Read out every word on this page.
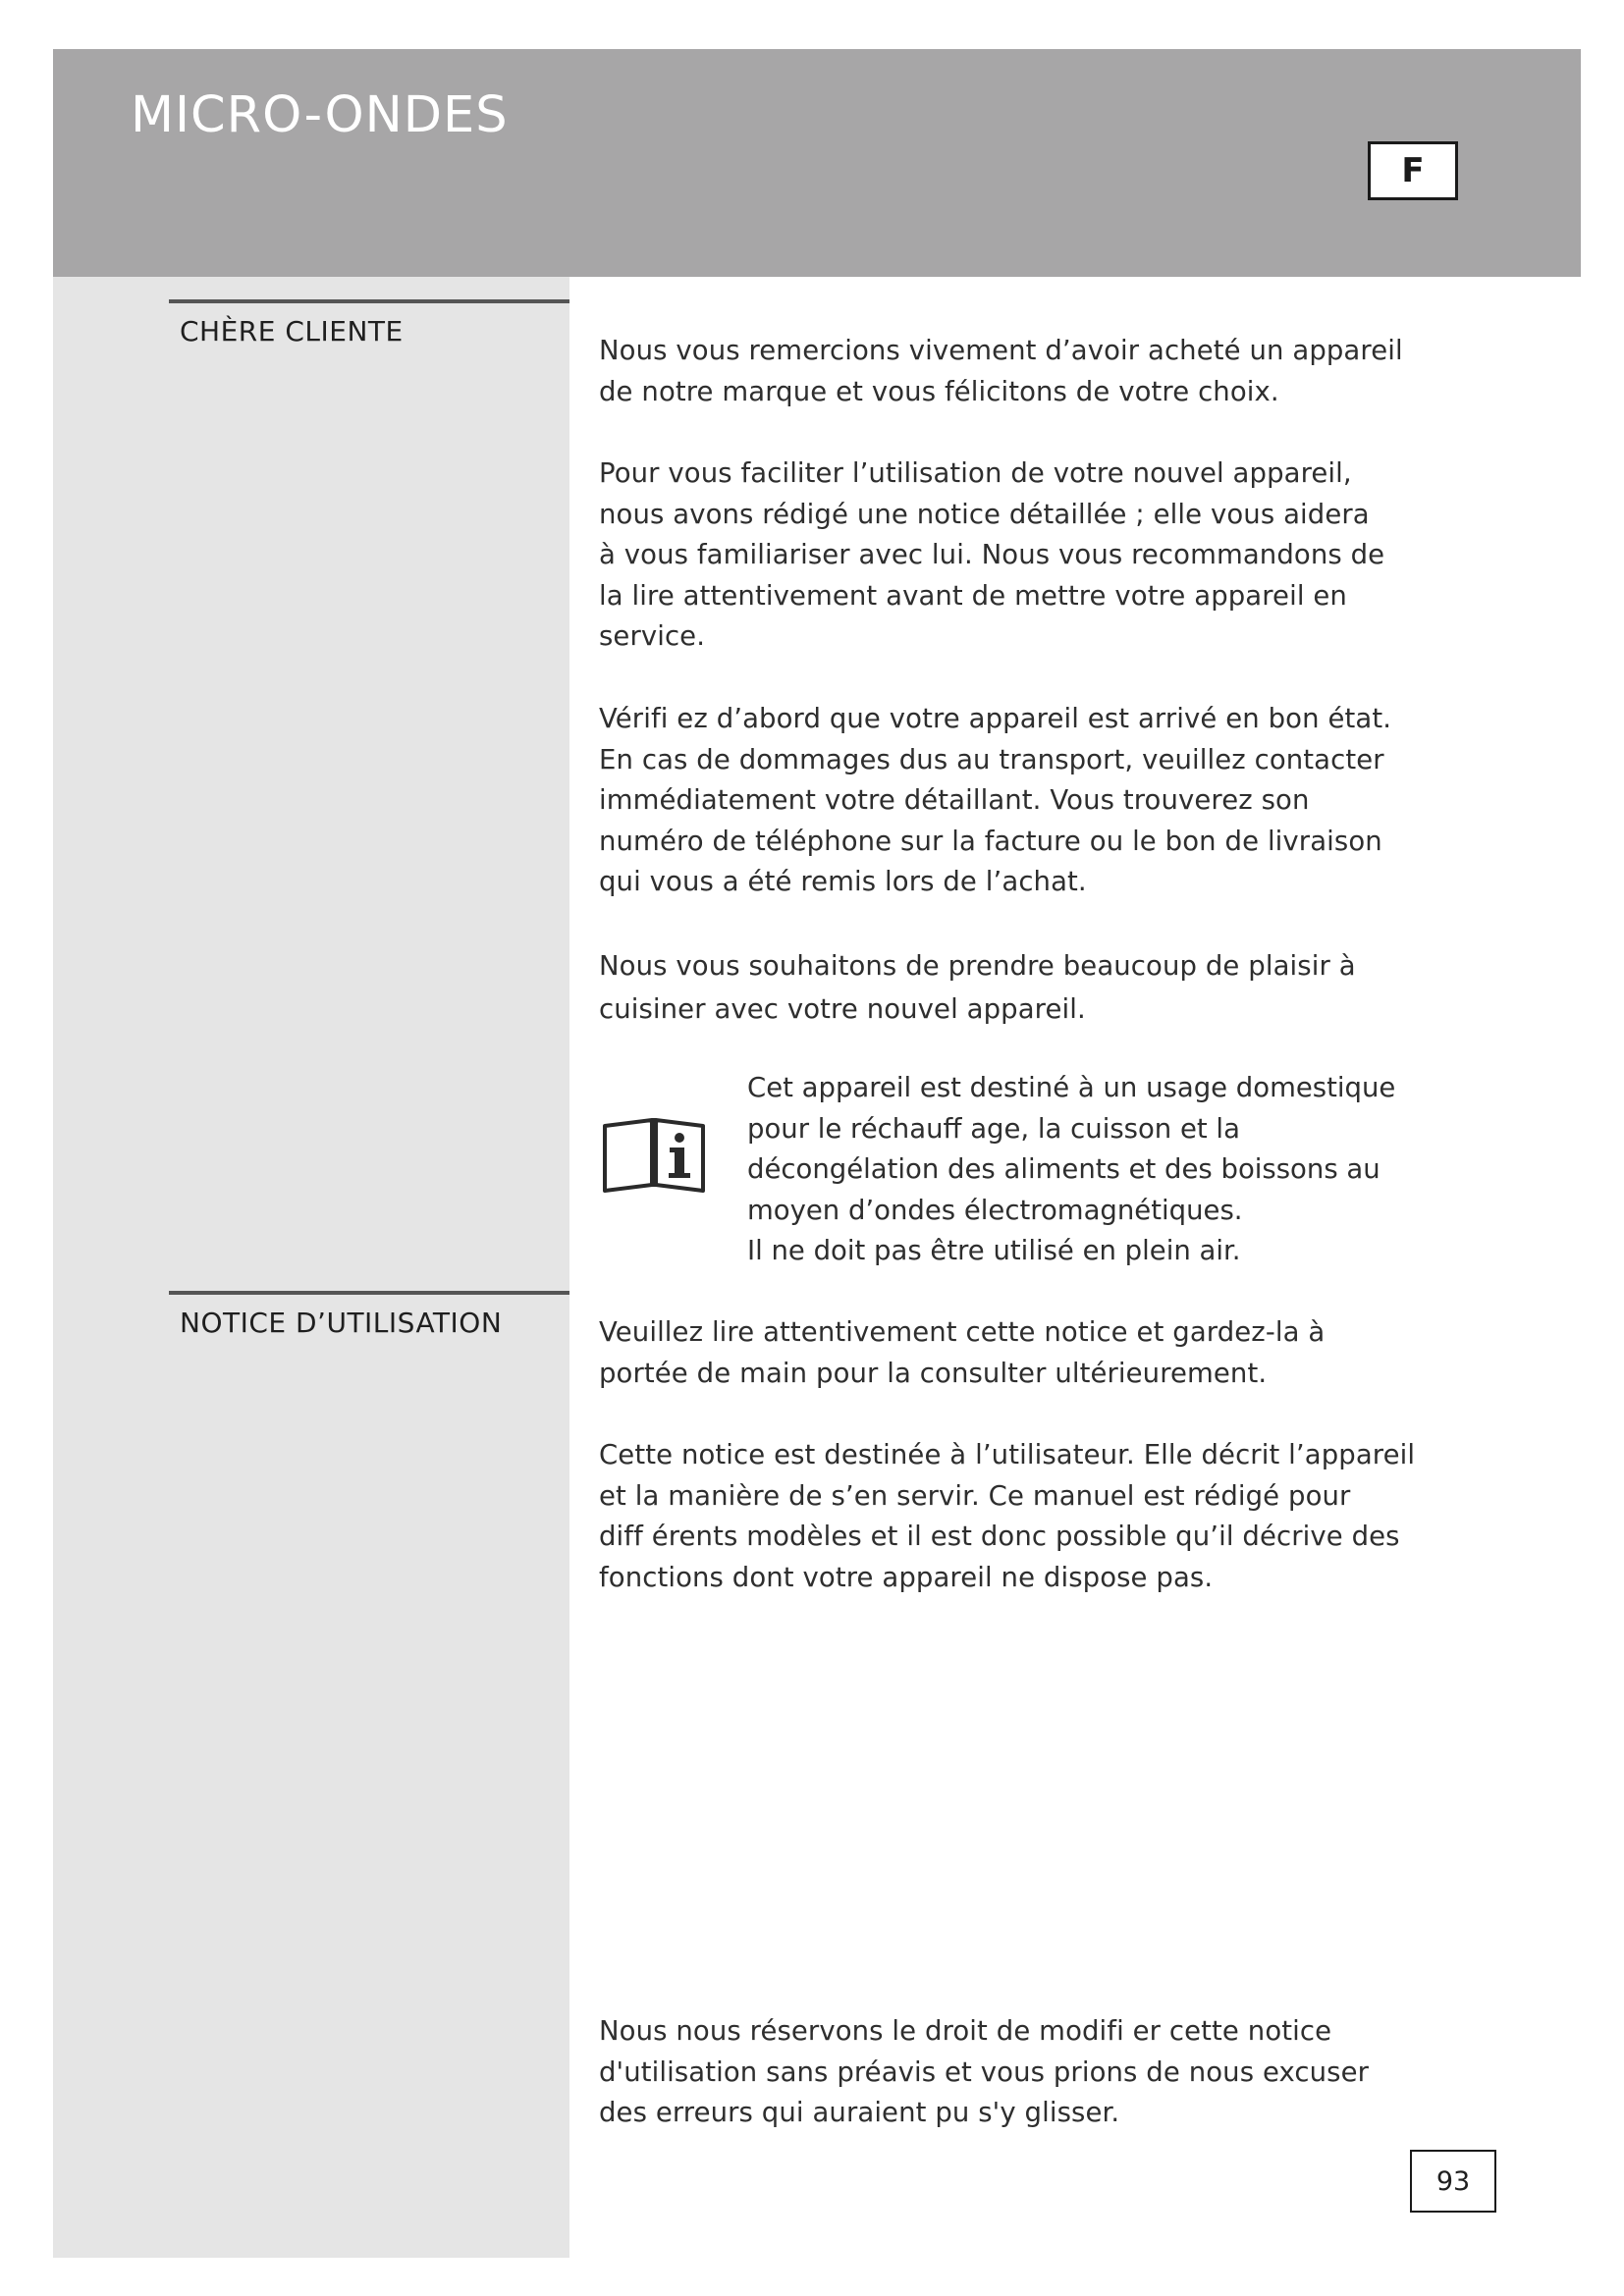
MICRO-ONDES
F
CHÈRE CLIENTE

Nous vous remercions vivement d’avoir acheté un appareil
de notre marque et vous félicitons de votre choix.

Pour vous faciliter l’utilisation de votre nouvel appareil,
nous avons rédigé une notice détaillée ; elle vous aidera
à vous familiariser avec lui. Nous vous recommandons de
la lire attentivement avant de mettre votre appareil en
service.

Vérifi ez d’abord que votre appareil est arrivé en bon état.
En cas de dommages dus au transport, veuillez contacter
immédiatement votre détaillant. Vous trouverez son
numéro de téléphone sur la facture ou le bon de livraison
qui vous a été remis lors de l’achat.

Nous vous souhaitons de prendre beaucoup de plaisir à
cuisiner avec votre nouvel appareil.

Cet appareil est destiné à un usage domestique
pour le réchauff age, la cuisson et la
décongélation des aliments et des boissons au
moyen d’ondes électromagnétiques.
Il ne doit pas être utilisé en plein air.

NOTICE D’UTILISATION	Veuillez lire attentivement cette notice et gardez-la à
portée de main pour la consulter ultérieurement.

Cette notice est destinée à l’utilisateur. Elle décrit l’appareil
et la manière de s’en servir. Ce manuel est rédigé pour
diff érents modèles et il est donc possible qu’il décrive des
fonctions dont votre appareil ne dispose pas.

Nous nous réservons le droit de modifi er cette notice
d'utilisation sans préavis et vous prions de nous excuser
des erreurs qui auraient pu s'y glisser.

93
